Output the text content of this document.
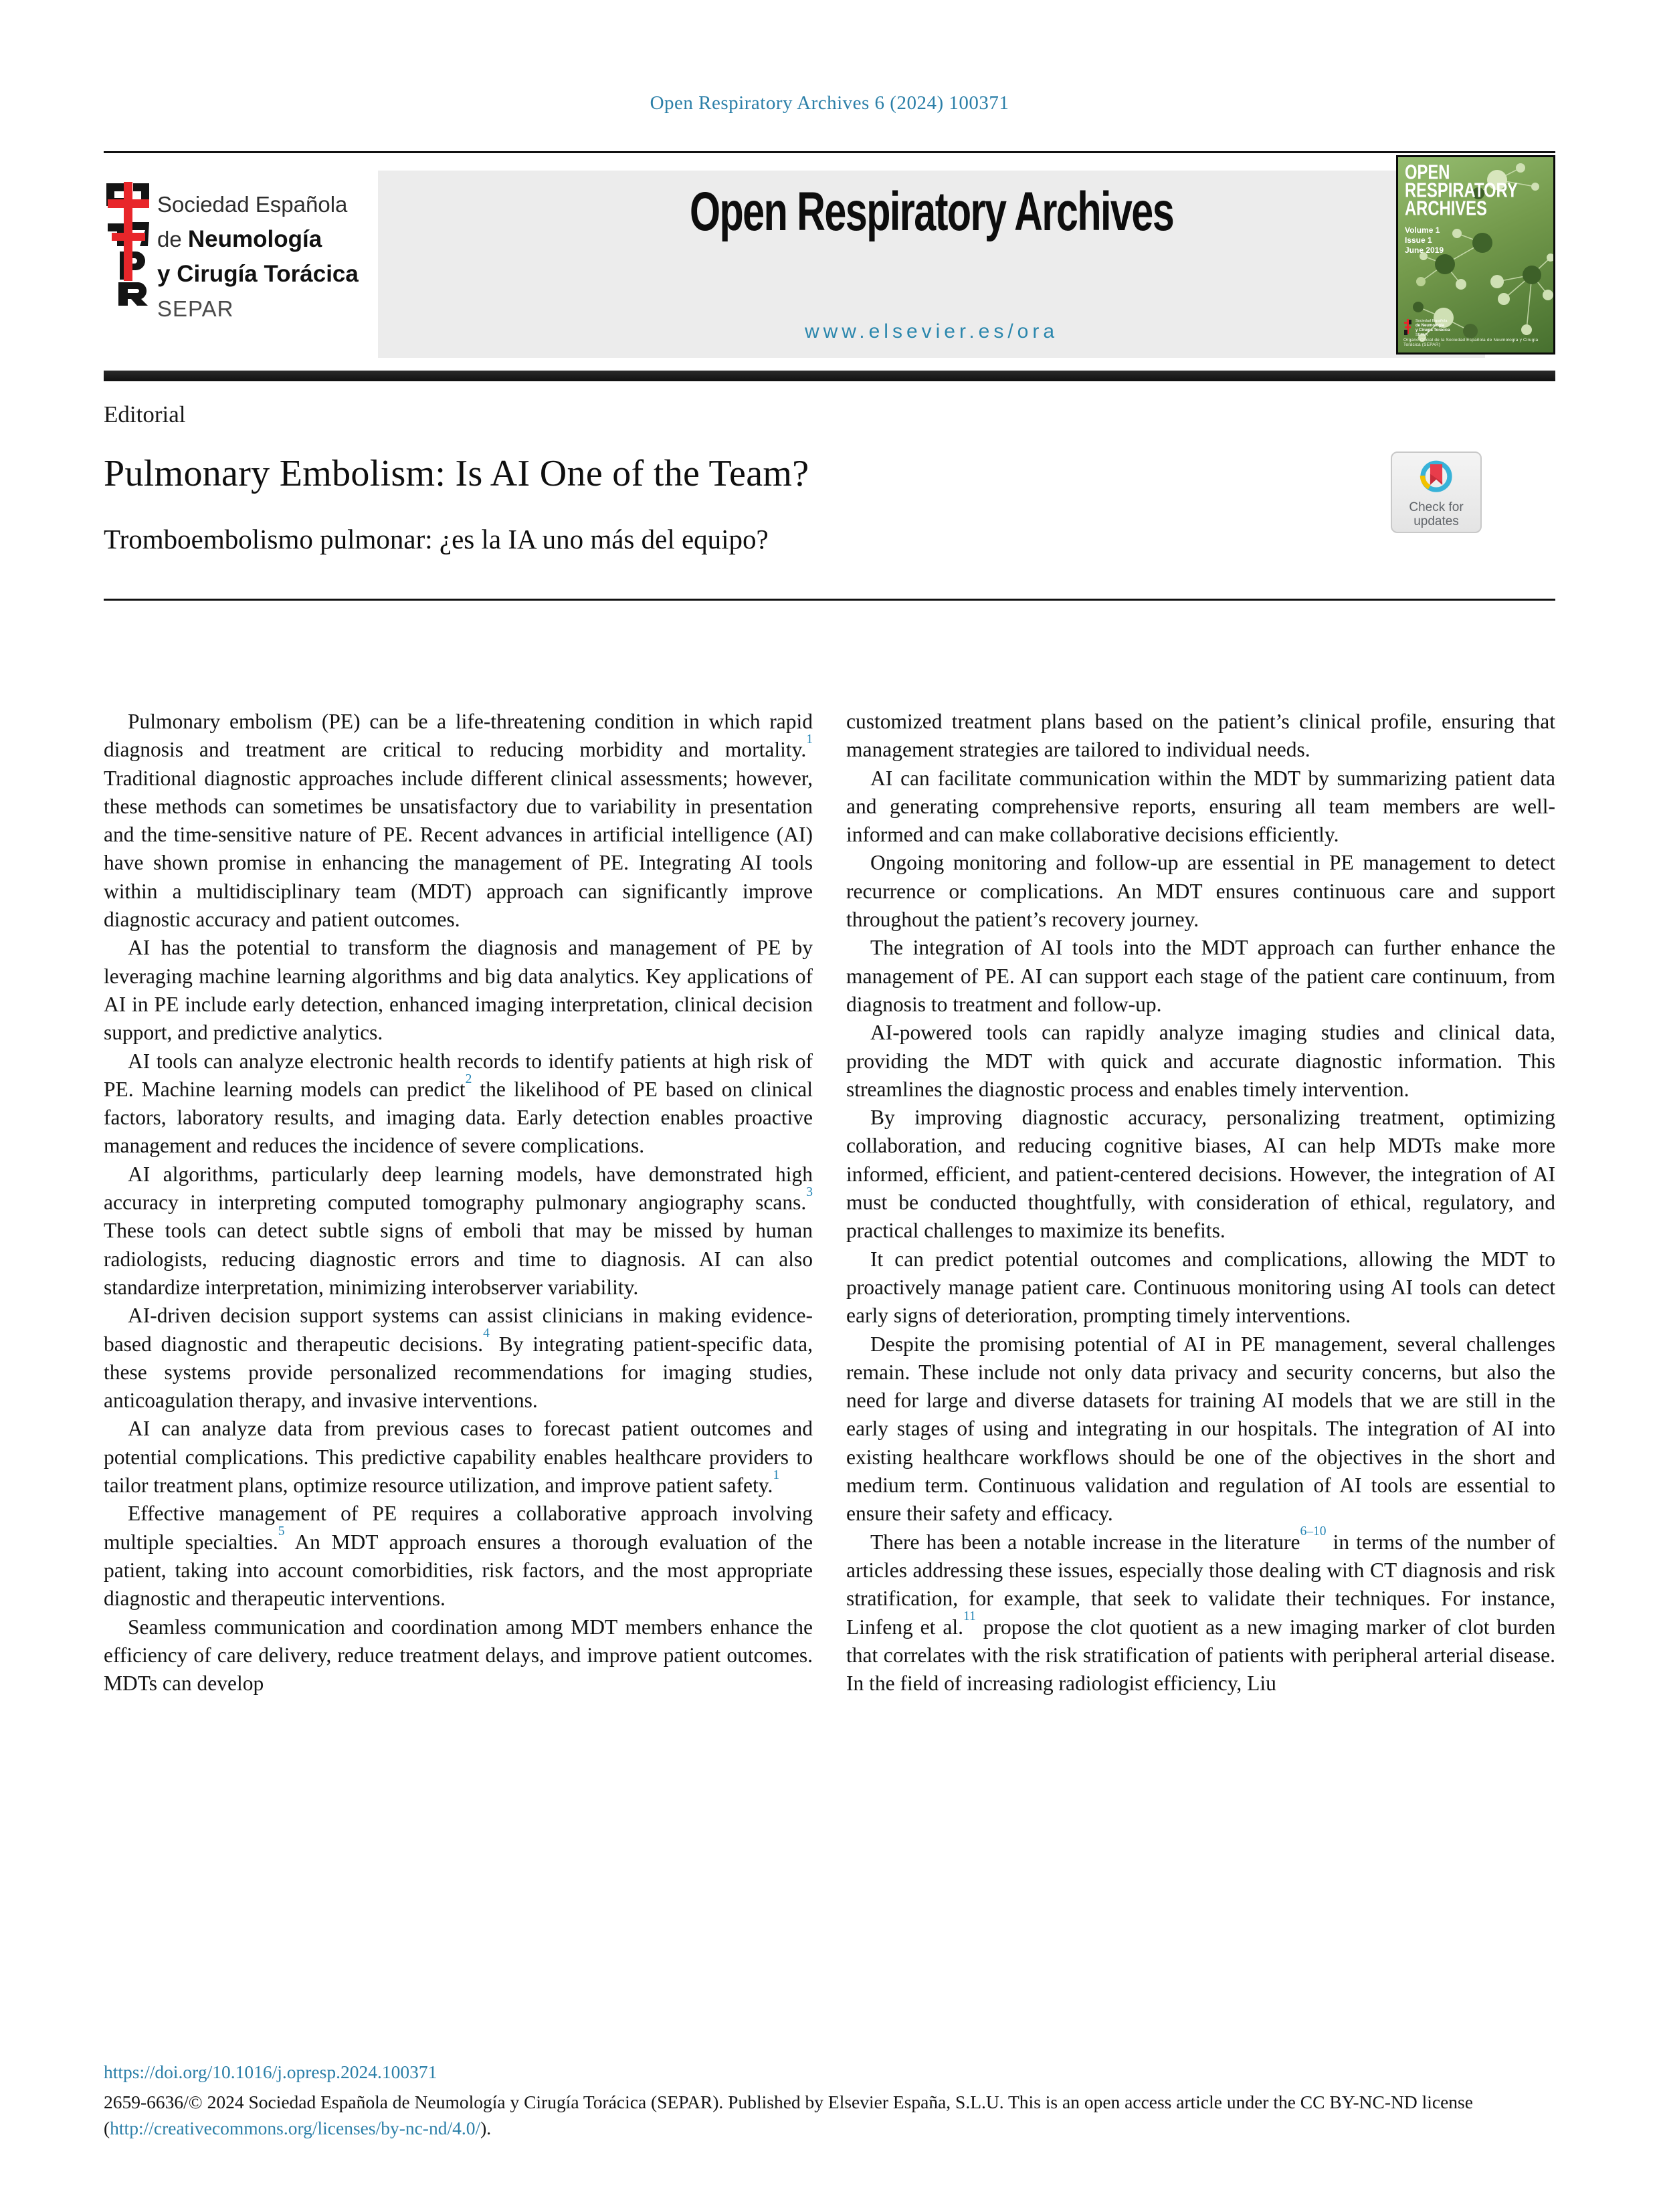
Open Respiratory Archives 6 (2024) 100371
Sociedad Española
de Neumología
y Cirugía Torácica
SEPAR
Open Respiratory Archives
www.elsevier.es/ora
OPEN
RESPIRATORY
ARCHIVES
Volume 1
Issue 1
June 2019
Sociedad Española
de Neumología
y Cirugía Torácica
SEPAR
Organo Oficial de la Sociedad Española de Neumología y Cirugía Torácica (SEPAR)
Editorial
Pulmonary Embolism: Is AI One of the Team?
Check for
updates
Tromboembolismo pulmonar: ¿es la IA uno más del equipo?

Pulmonary embolism (PE) can be a life-threatening condition in which rapid diagnosis and treatment are critical to reducing morbidity and mortality.$^1$ Traditional diagnostic approaches include different clinical assessments; however, these methods can sometimes be unsatisfactory due to variability in presentation and the time-sensitive nature of PE. Recent advances in artificial intelligence (AI) have shown promise in enhancing the management of PE. Integrating AI tools within a multidisciplinary team (MDT) approach can significantly improve diagnostic accuracy and patient outcomes.

AI has the potential to transform the diagnosis and management of PE by leveraging machine learning algorithms and big data analytics. Key applications of AI in PE include early detection, enhanced imaging interpretation, clinical decision support, and predictive analytics.

AI tools can analyze electronic health records to identify patients at high risk of PE. Machine learning models can predict$^2$ the likelihood of PE based on clinical factors, laboratory results, and imaging data. Early detection enables proactive management and reduces the incidence of severe complications.

AI algorithms, particularly deep learning models, have demonstrated high accuracy in interpreting computed tomography pulmonary angiography scans.$^3$ These tools can detect subtle signs of emboli that may be missed by human radiologists, reducing diagnostic errors and time to diagnosis. AI can also standardize interpretation, minimizing interobserver variability.

AI-driven decision support systems can assist clinicians in making evidence-based diagnostic and therapeutic decisions.$^4$ By integrating patient-specific data, these systems provide personalized recommendations for imaging studies, anticoagulation therapy, and invasive interventions.

AI can analyze data from previous cases to forecast patient outcomes and potential complications. This predictive capability enables healthcare providers to tailor treatment plans, optimize resource utilization, and improve patient safety.$^1$

Effective management of PE requires a collaborative approach involving multiple specialties.$^5$ An MDT approach ensures a thorough evaluation of the patient, taking into account comorbidities, risk factors, and the most appropriate diagnostic and therapeutic interventions.

Seamless communication and coordination among MDT members enhance the efficiency of care delivery, reduce treatment delays, and improve patient outcomes. MDTs can develop

customized treatment plans based on the patient’s clinical profile, ensuring that management strategies are tailored to individual needs.

AI can facilitate communication within the MDT by summarizing patient data and generating comprehensive reports, ensuring all team members are well-informed and can make collaborative decisions efficiently.

Ongoing monitoring and follow-up are essential in PE management to detect recurrence or complications. An MDT ensures continuous care and support throughout the patient’s recovery journey.

The integration of AI tools into the MDT approach can further enhance the management of PE. AI can support each stage of the patient care continuum, from diagnosis to treatment and follow-up.

AI-powered tools can rapidly analyze imaging studies and clinical data, providing the MDT with quick and accurate diagnostic information. This streamlines the diagnostic process and enables timely intervention.

By improving diagnostic accuracy, personalizing treatment, optimizing collaboration, and reducing cognitive biases, AI can help MDTs make more informed, efficient, and patient-centered decisions. However, the integration of AI must be conducted thoughtfully, with consideration of ethical, regulatory, and practical challenges to maximize its benefits.

It can predict potential outcomes and complications, allowing the MDT to proactively manage patient care. Continuous monitoring using AI tools can detect early signs of deterioration, prompting timely interventions.

Despite the promising potential of AI in PE management, several challenges remain. These include not only data privacy and security concerns, but also the need for large and diverse datasets for training AI models that we are still in the early stages of using and integrating in our hospitals. The integration of AI into existing healthcare workflows should be one of the objectives in the short and medium term. Continuous validation and regulation of AI tools are essential to ensure their safety and efficacy.

There has been a notable increase in the literature$^{6-10}$ in terms of the number of articles addressing these issues, especially those dealing with CT diagnosis and risk stratification, for example, that seek to validate their techniques. For instance, Linfeng et al.$^{11}$ propose the clot quotient as a new imaging marker of clot burden that correlates with the risk stratification of patients with peripheral arterial disease. In the field of increasing radiologist efficiency, Liu

https://doi.org/10.1016/j.opresp.2024.100371
2659-6636/© 2024 Sociedad Española de Neumología y Cirugía Torácica (SEPAR). Published by Elsevier España, S.L.U. This is an open access article under the CC BY-NC-ND license (http://creativecommons.org/licenses/by-nc-nd/4.0/).
